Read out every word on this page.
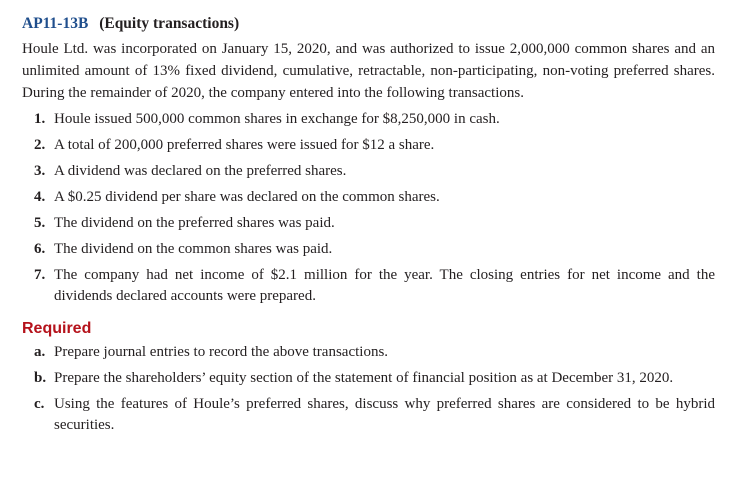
AP11-13B (Equity transactions)

Houle Ltd. was incorporated on January 15, 2020, and was authorized to issue 2,000,000 common shares and an unlimited amount of 13% fixed dividend, cumulative, retractable, non-participating, non-voting preferred shares. During the remainder of 2020, the company entered into the following transactions.

1. Houle issued 500,000 common shares in exchange for $8,250,000 in cash.
2. A total of 200,000 preferred shares were issued for $12 a share.
3. A dividend was declared on the preferred shares.
4. A $0.25 dividend per share was declared on the common shares.
5. The dividend on the preferred shares was paid.
6. The dividend on the common shares was paid.
7. The company had net income of $2.1 million for the year. The closing entries for net income and the dividends declared accounts were prepared.
Required
a. Prepare journal entries to record the above transactions.
b. Prepare the shareholders’ equity section of the statement of financial position as at December 31, 2020.
c. Using the features of Houle’s preferred shares, discuss why preferred shares are considered to be hybrid securities.
